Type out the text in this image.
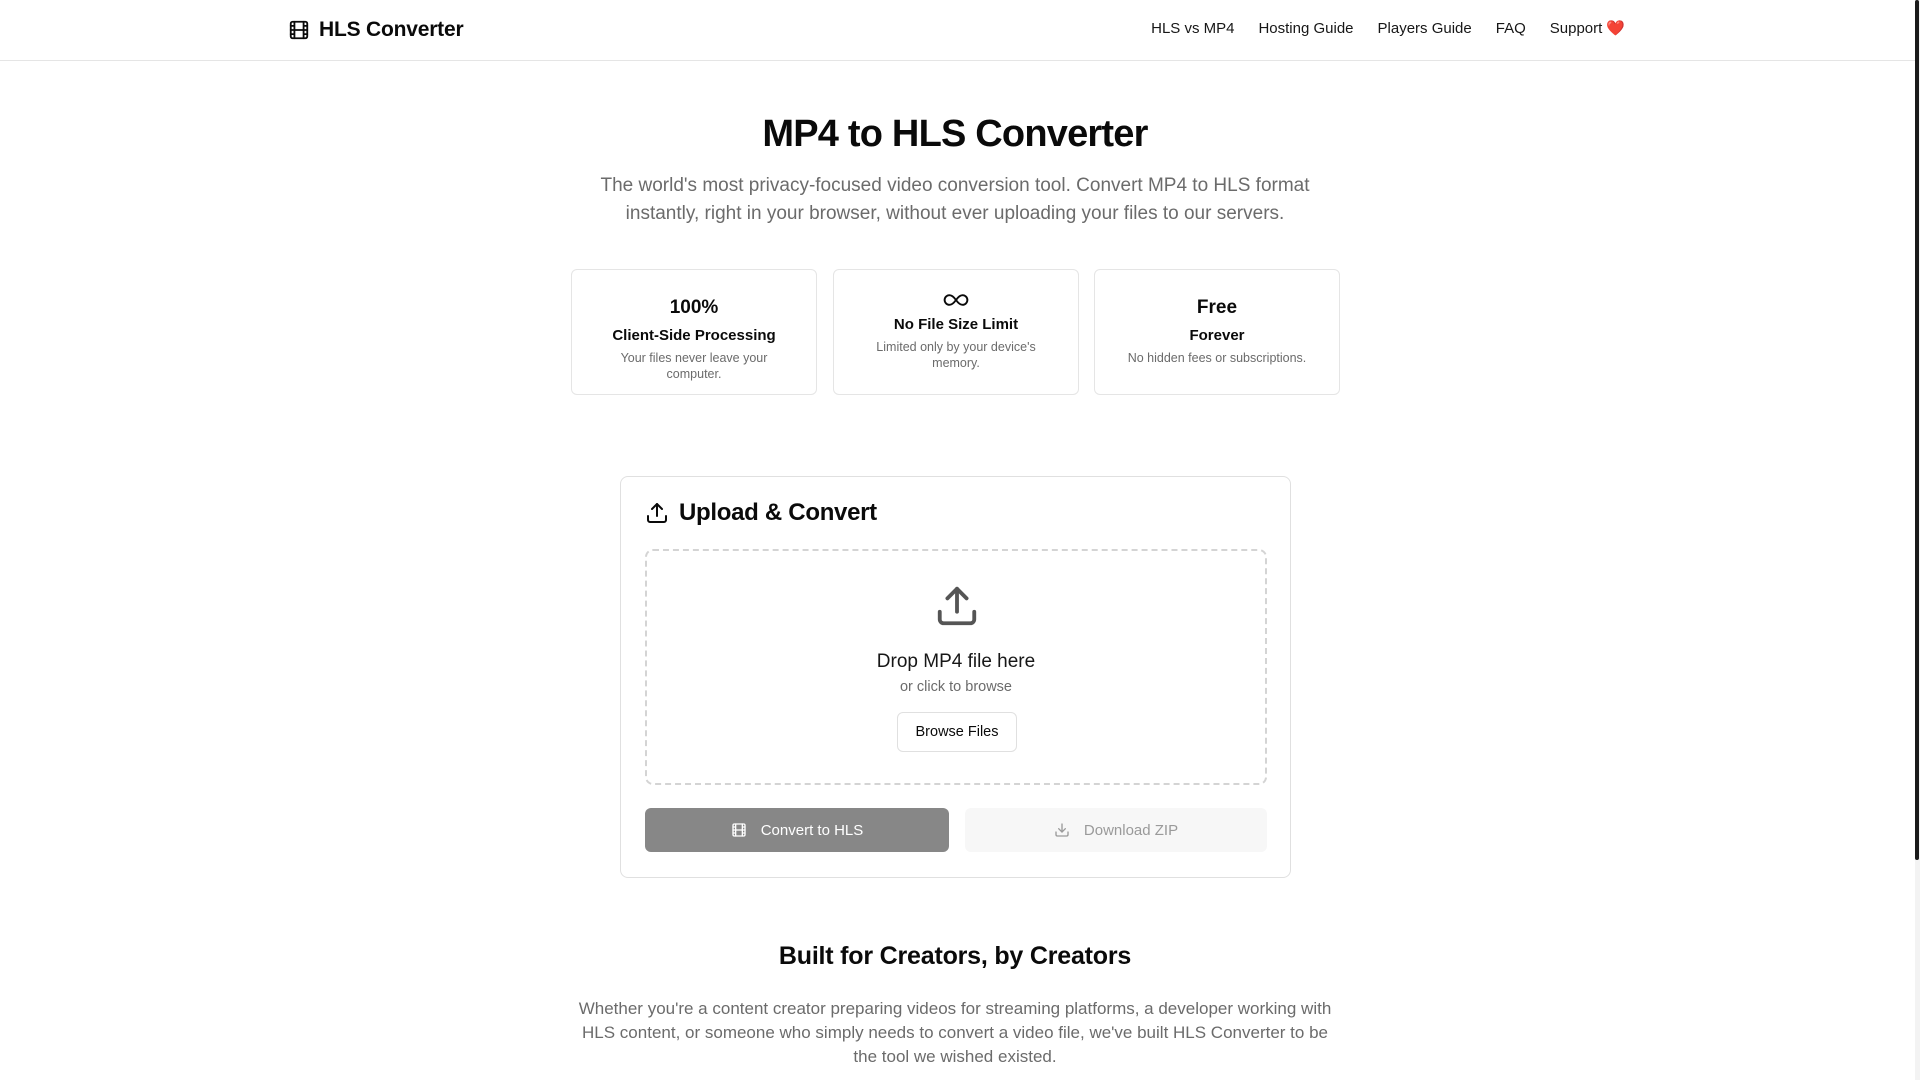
HLS Converter	HLS vs MP4 Hosting Guide Players Guide FAQ Support ❤️
MP4 to HLS Converter

The world's most privacy-focused video conversion tool. Convert MP4 to HLS format instantly, right in your browser, without ever uploading your files to our servers.

100%
Client-Side Processing
Your files never leave your computer.
No File Size Limit
Limited only by your device's memory.
Free
Forever
No hidden fees or subscriptions.
Upload & Convert
Drop MP4 file here
or click to browse
Browse Files
Convert to HLS	Download ZIP
Built for Creators, by Creators

Whether you're a content creator preparing videos for streaming platforms, a developer working with HLS content, or someone who simply needs to convert a video file, we've built HLS Converter to be the tool we wished existed.
